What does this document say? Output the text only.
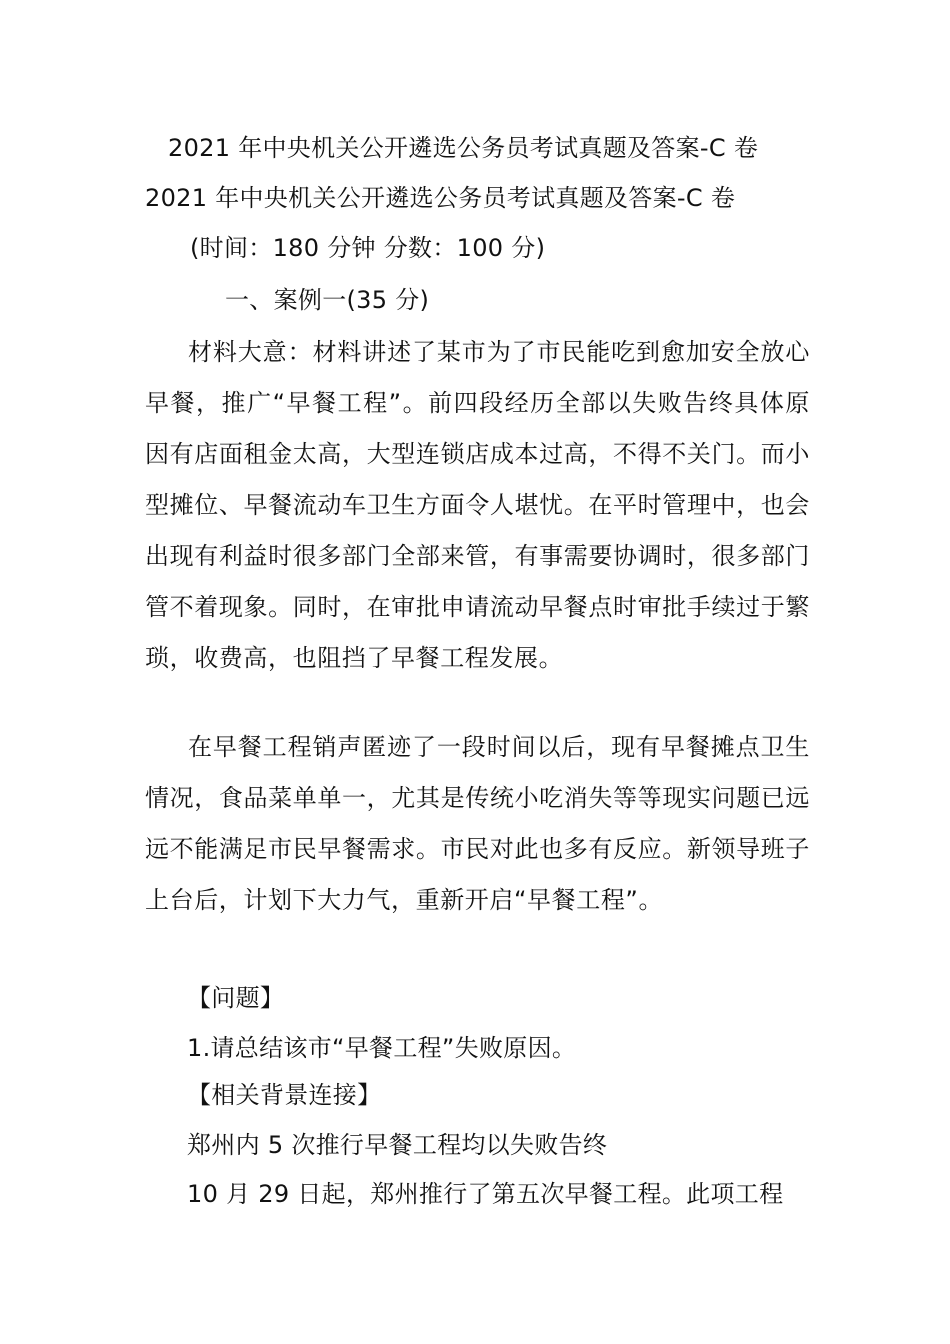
2021 年中央机关公开遴选公务员考试真题及答案-C 卷
2021 年中央机关公开遴选公务员考试真题及答案-C 卷
(时间：180 分钟 分数：100 分)
一、案例一(35 分)
材料大意：材料讲述了某市为了市民能吃到愈加安全放心早餐，推广“早餐工程”。前四段经历全部以失败告终具体原因有店面租金太高，大型连锁店成本过高，不得不关门。而小型摊位、早餐流动车卫生方面令人堪忧。在平时管理中，也会出现有利益时很多部门全部来管，有事需要协调时，很多部门管不着现象。同时，在审批申请流动早餐点时审批手续过于繁琐，收费高，也阻挡了早餐工程发展。
在早餐工程销声匿迹了一段时间以后，现有早餐摊点卫生情况，食品菜单单一，尤其是传统小吃消失等等现实问题已远远不能满足市民早餐需求。市民对此也多有反应。新领导班子上台后，计划下大力气，重新开启“早餐工程”。
【问题】
1.请总结该市“早餐工程”失败原因。
【相关背景连接】
郑州内 5 次推行早餐工程均以失败告终
10 月 29 日起，郑州推行了第五次早餐工程。此项工程
